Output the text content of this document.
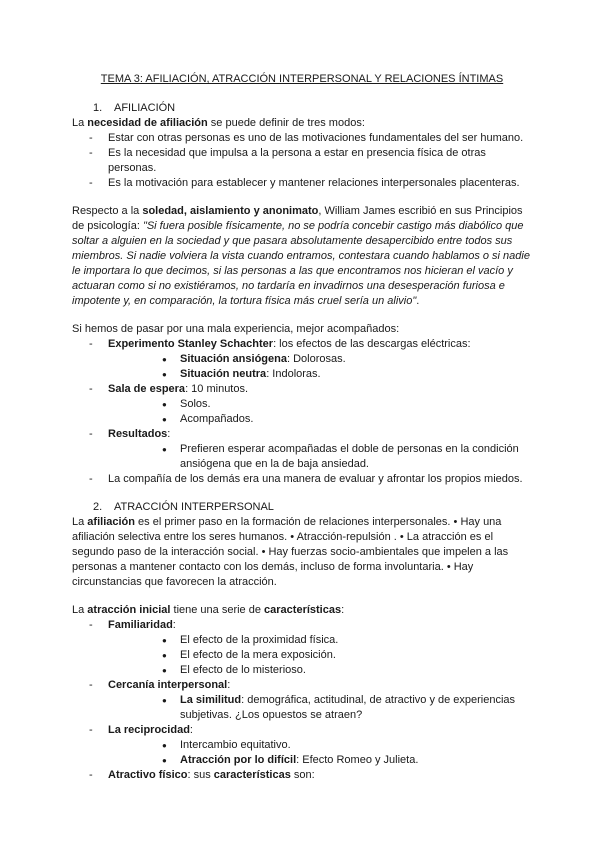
TEMA 3: AFILIACIÓN, ATRACCIÓN INTERPERSONAL Y RELACIONES ÍNTIMAS

1. AFILIACIÓN

La necesidad de afiliación se puede definir de tres modos:

- Estar con otras personas es uno de las motivaciones fundamentales del ser humano.
- Es la necesidad que impulsa a la persona a estar en presencia física de otras personas.
- Es la motivación para establecer y mantener relaciones interpersonales placenteras.

Respecto a la soledad, aislamiento y anonimato, William James escribió en sus Principios de psicología: "Si fuera posible físicamente, no se podría concebir castigo más diabólico que soltar a alguien en la sociedad y que pasara absolutamente desapercibido entre todos sus miembros. Si nadie volviera la vista cuando entramos, contestara cuando hablamos o si nadie le importara lo que decimos, si las personas a las que encontramos nos hicieran el vacío y actuaran como si no existiéramos, no tardaría en invadirnos una desesperación furiosa e impotente y, en comparación, la tortura física más cruel sería un alivio".

Si hemos de pasar por una mala experiencia, mejor acompañados:

- Experimento Stanley Schachter: los efectos de las descargas eléctricas:
● Situación ansiógena: Dolorosas.
● Situación neutra: Indoloras.
- Sala de espera: 10 minutos.
● Solos.
● Acompañados.
- Resultados:
● Prefieren esperar acompañadas el doble de personas en la condición ansiógena que en la de baja ansiedad.
- La compañía de los demás era una manera de evaluar y afrontar los propios miedos.

2. ATRACCIÓN INTERPERSONAL

La afiliación es el primer paso en la formación de relaciones interpersonales. • Hay una afiliación selectiva entre los seres humanos. • Atracción-repulsión . • La atracción es el segundo paso de la interacción social. • Hay fuerzas socio-ambientales que impelen a las personas a mantener contacto con los demás, incluso de forma involuntaria. • Hay circunstancias que favorecen la atracción.

La atracción inicial tiene una serie de características:

- Familiaridad:
● El efecto de la proximidad física.
● El efecto de la mera exposición.
● El efecto de lo misterioso.
- Cercanía interpersonal:
● La similitud: demográfica, actitudinal, de atractivo y de experiencias subjetivas. ¿Los opuestos se atraen?
- La reciprocidad:
● Intercambio equitativo.
● Atracción por lo difícil: Efecto Romeo y Julieta.
- Atractivo físico: sus características son:
